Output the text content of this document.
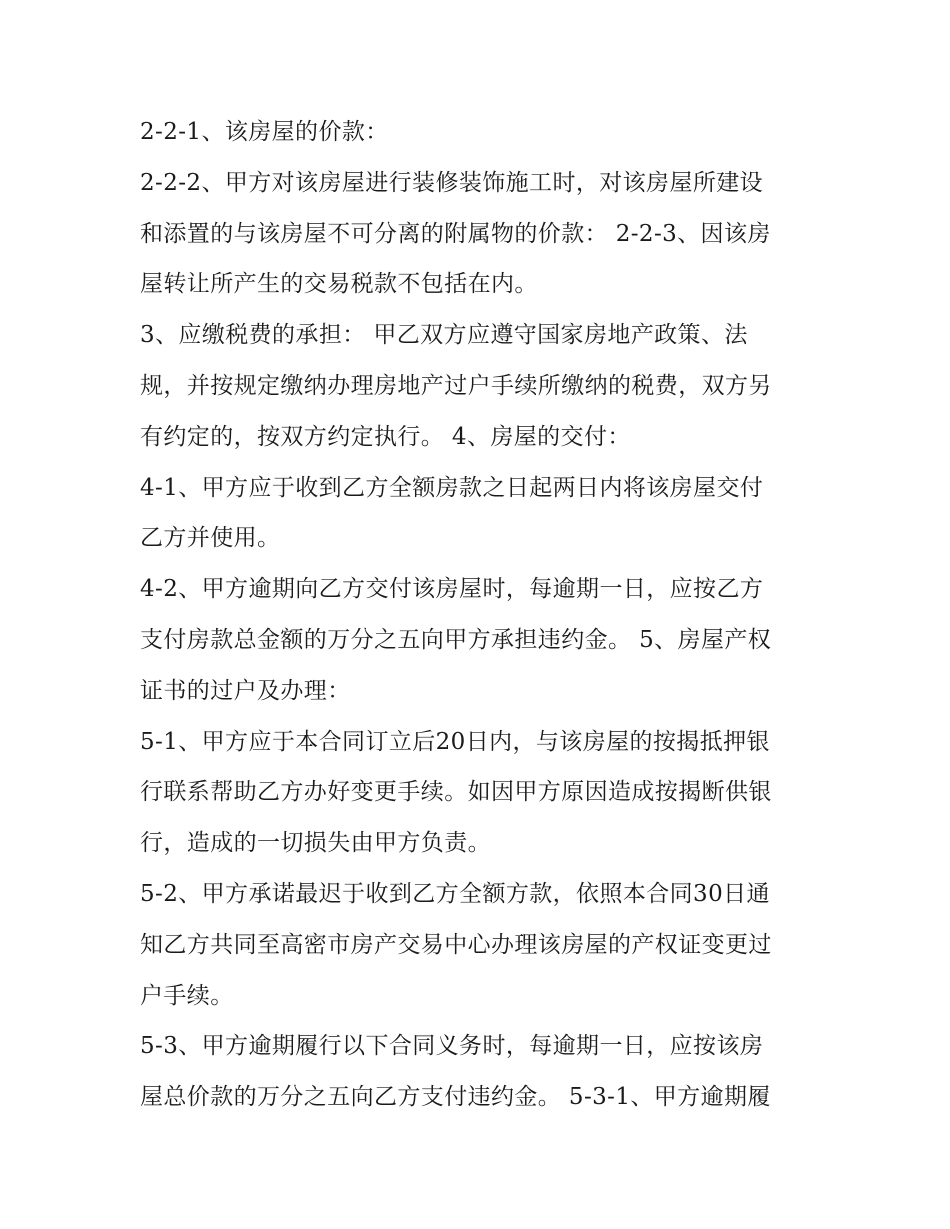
2-2-1、该房屋的价款：
2-2-2、甲方对该房屋进行装修装饰施工时，对该房屋所建设
和添置的与该房屋不可分离的附属物的价款： 2-2-3、因该房
屋转让所产生的交易税款不包括在内。
3、应缴税费的承担： 甲乙双方应遵守国家房地产政策、法
规，并按规定缴纳办理房地产过户手续所缴纳的税费，双方另
有约定的，按双方约定执行。 4、房屋的交付：
4-1、甲方应于收到乙方全额房款之日起两日内将该房屋交付
乙方并使用。
4-2、甲方逾期向乙方交付该房屋时，每逾期一日，应按乙方
支付房款总金额的万分之五向甲方承担违约金。 5、房屋产权
证书的过户及办理：
5-1、甲方应于本合同订立后20日内，与该房屋的按揭抵押银
行联系帮助乙方办好变更手续。如因甲方原因造成按揭断供银
行，造成的一切损失由甲方负责。
5-2、甲方承诺最迟于收到乙方全额方款，依照本合同30日通
知乙方共同至高密市房产交易中心办理该房屋的产权证变更过
户手续。
5-3、甲方逾期履行以下合同义务时，每逾期一日，应按该房
屋总价款的万分之五向乙方支付违约金。 5-3-1、甲方逾期履
